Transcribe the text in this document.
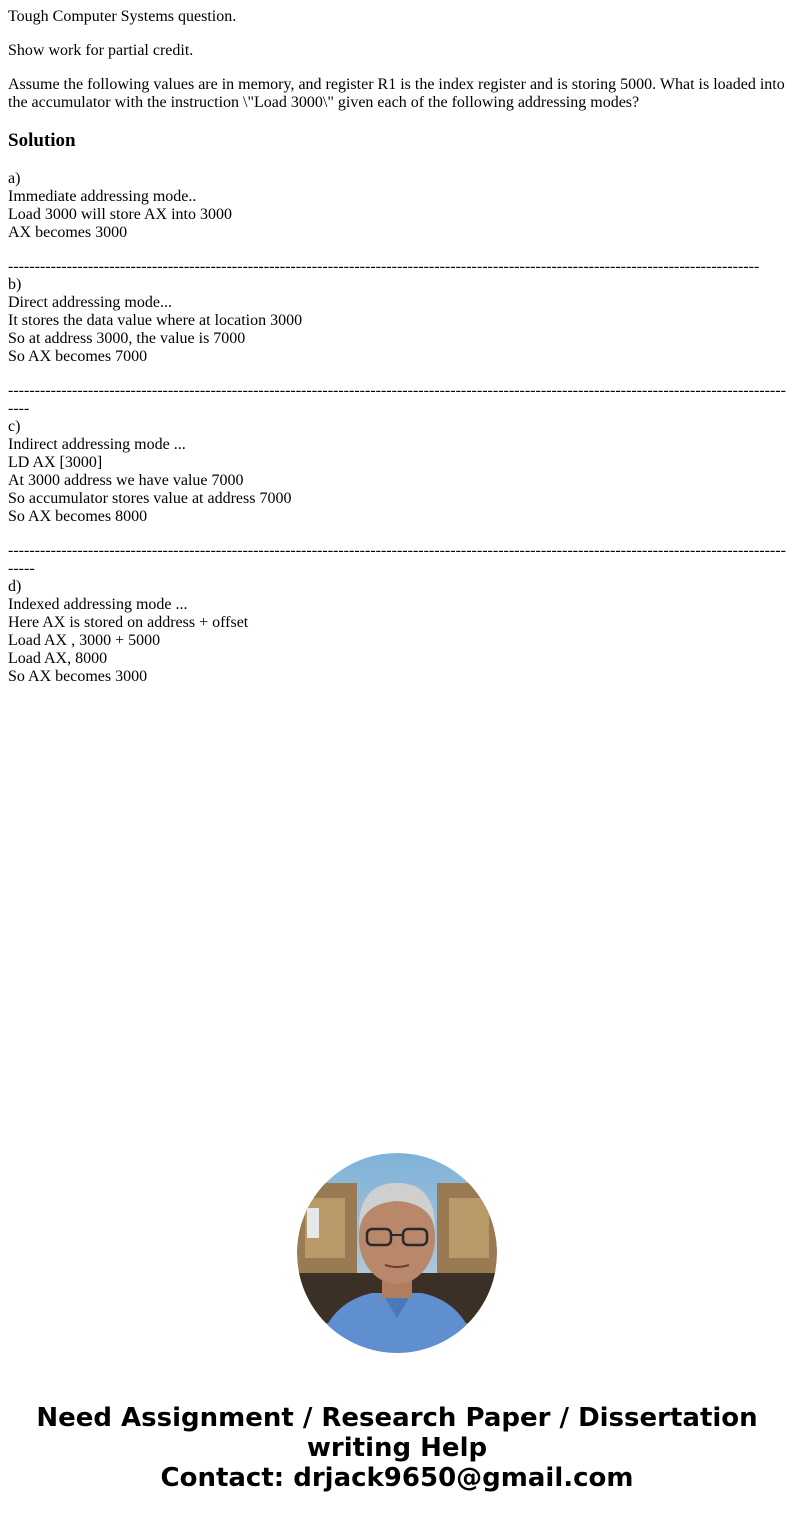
Tough Computer Systems question.

Show work for partial credit.

Assume the following values are in memory, and register R1 is the index register and is storing 5000. What is loaded into the accumulator with the instruction \"Load 3000\" given each of the following addressing modes?

Solution
a)
Immediate addressing mode..
Load 3000 will store AX into 3000
AX becomes 3000
---------------------------------------------------------------------------------------------------------------------------------------------
b)
Direct addressing mode...
It stores the data value where at location 3000
So at address 3000, the value is 7000
So AX becomes 7000
------------------------------------------------------------------------------------------------------------------------------------------------------
c)
Indirect addressing mode ...
LD AX [3000]
At 3000 address we have value 7000
So accumulator stores value at address 7000
So AX becomes 8000
-------------------------------------------------------------------------------------------------------------------------------------------------------
d)
Indexed addressing mode ...
Here AX is stored on address + offset
Load AX , 3000 + 5000
Load AX, 8000
So AX becomes 3000
Need Assignment / Research Paper / Dissertation
writing Help
Contact: drjack9650@gmail.com
